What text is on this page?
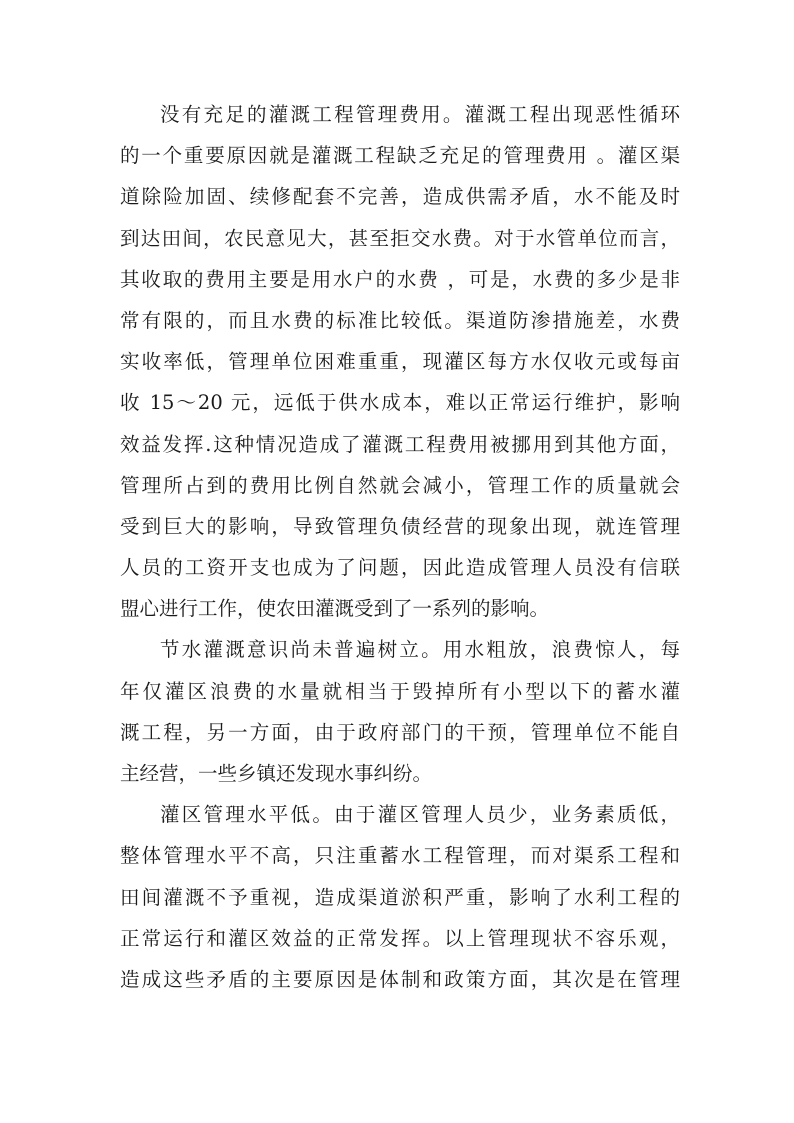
没有充足的灌溉工程管理费用。灌溉工程出现恶性循环
的一个重要原因就是灌溉工程缺乏充足的管理费用 。灌区渠
道除险加固、续修配套不完善，造成供需矛盾，水不能及时
到达田间，农民意见大，甚至拒交水费。对于水管单位而言，
其收取的费用主要是用水户的水费 ，可是，水费的多少是非
常有限的，而且水费的标准比较低。渠道防渗措施差，水费
实收率低，管理单位困难重重，现灌区每方水仅收元或每亩
收 15～20 元，远低于供水成本，难以正常运行维护，影响
效益发挥.这种情况造成了灌溉工程费用被挪用到其他方面，
管理所占到的费用比例自然就会减小，管理工作的质量就会
受到巨大的影响，导致管理负债经营的现象出现，就连管理
人员的工资开支也成为了问题，因此造成管理人员没有信联
盟心进行工作，使农田灌溉受到了一系列的影响。
节水灌溉意识尚未普遍树立。用水粗放，浪费惊人，每
年仅灌区浪费的水量就相当于毁掉所有小型以下的蓄水灌
溉工程，另一方面，由于政府部门的干预，管理单位不能自
主经营，一些乡镇还发现水事纠纷。
灌区管理水平低。由于灌区管理人员少，业务素质低，
整体管理水平不高，只注重蓄水工程管理，而对渠系工程和
田间灌溉不予重视，造成渠道淤积严重，影响了水利工程的
正常运行和灌区效益的正常发挥。以上管理现状不容乐观，
造成这些矛盾的主要原因是体制和政策方面，其次是在管理
